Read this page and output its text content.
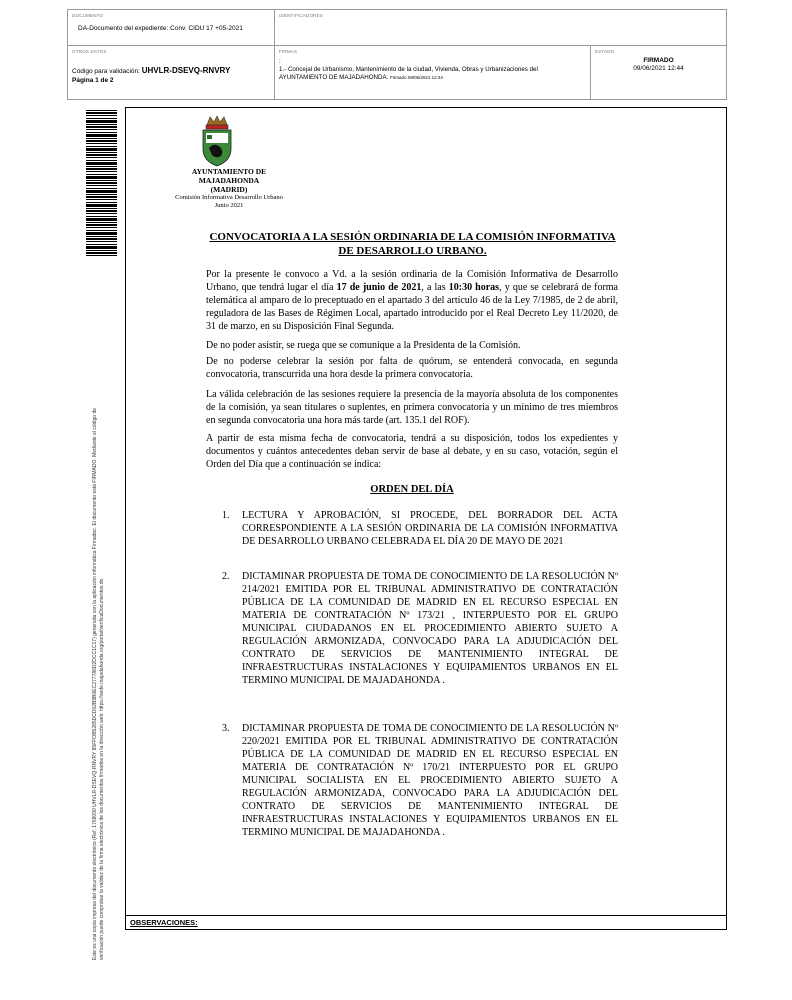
DOCUMENTO
DA-Documento del expediente: Conv. CIDU 17 +05-2021
IDENTIFICADORES
OTROS DATOS
Código para validación: UHVLR-DSEVQ-RNVRY
Página 1 de 2
FIRMAS
:
1.- Concejal de Urbanismo, Mantenimiento de la ciudad, Vivienda, Obras y Urbanizaciones del AYUNTAMIENTO DE MAJADAHONDA. Firmado 09/06/2021 12:44
ESTADO
FIRMADO
09/06/2021 12:44
Este es una copia impresa del documento electrónico (Ref: 1768090 UHVLR-DSEVQ-RNVRY 85FFOB5285DCD02B9B0EC277786D2DCC1C17) generada con la aplicación informática Firmadoc. El documento está FIRMADO. Mediante el código de verificación puede comprobar la validez de la firma electrónica de los documentos firmados en la dirección web: https://sede.majadahonda.org/portal/verificaDocumentos.do	OBSERVACIONES:
AYUNTAMIENTO DE
MAJADAHONDA
(MADRID)
Comisión Informativa Desarrollo Urbano
Junio 2021
CONVOCATORIA A LA SESIÓN ORDINARIA DE LA COMISIÓN INFORMATIVA DE DESARROLLO URBANO.
Por la presente le convoco a Vd. a la sesión ordinaria de la Comisión Informativa de Desarrollo Urbano, que tendrá lugar el día 17 de junio de 2021, a las 10:30 horas, y que se celebrará de forma telemática al amparo de lo preceptuado en el apartado 3 del artículo 46 de la Ley 7/1985, de 2 de abril, reguladora de las Bases de Régimen Local, apartado introducido por el Real Decreto Ley 11/2020, de 31 de marzo, en su Disposición Final Segunda.
De no poder asistir, se ruega que se comunique a la Presidenta de la Comisión.
De no poderse celebrar la sesión por falta de quórum, se entenderá convocada, en segunda convocatoria, transcurrida una hora desde la primera convocatoria.
La válida celebración de las sesiones requiere la presencia de la mayoría absoluta de los componentes de la comisión, ya sean titulares o suplentes, en primera convocatoria y un mínimo de tres miembros en segunda convocatoria una hora más tarde (art. 135.1 del ROF).
A partir de esta misma fecha de convocatoria, tendrá a su disposición, todos los expedientes y documentos y cuántos antecedentes deban servir de base al debate, y en su caso, votación, según el Orden del Día que a continuación se indica:
ORDEN DEL DÍA
1.	LECTURA Y APROBACIÓN, SI PROCEDE, DEL BORRADOR DEL ACTA CORRESPONDIENTE A LA SESIÓN ORDINARIA DE LA COMISIÓN INFORMATIVA DE DESARROLLO URBANO CELEBRADA EL DÍA 20 DE MAYO DE 2021
2.	DICTAMINAR PROPUESTA DE TOMA DE CONOCIMIENTO DE LA RESOLUCIÓN Nº 214/2021 EMITIDA POR EL TRIBUNAL ADMINISTRATIVO DE CONTRATACIÓN PÚBLICA DE LA COMUNIDAD DE MADRID EN EL RECURSO ESPECIAL EN MATERIA DE CONTRATACIÓN Nº 173/21 , INTERPUESTO POR EL GRUPO MUNICIPAL CIUDADANOS EN EL PROCEDIMIENTO ABIERTO SUJETO A REGULACIÓN ARMONIZADA, CONVOCADO PARA LA ADJUDICACIÓN DEL CONTRATO DE SERVICIOS DE MANTENIMIENTO INTEGRAL DE INFRAESTRUCTURAS INSTALACIONES Y EQUIPAMIENTOS URBANOS EN EL TERMINO MUNICIPAL DE MAJADAHONDA .
3.	DICTAMINAR PROPUESTA DE TOMA DE CONOCIMIENTO DE LA RESOLUCIÓN Nº 220/2021 EMITIDA POR EL TRIBUNAL ADMINISTRATIVO DE CONTRATACIÓN PÚBLICA DE LA COMUNIDAD DE MADRID EN EL RECURSO ESPECIAL EN MATERIA DE CONTRATACIÓN Nº 170/21 INTERPUESTO POR EL GRUPO MUNICIPAL SOCIALISTA EN EL PROCEDIMIENTO ABIERTO SUJETO A REGULACIÓN ARMONIZADA, CONVOCADO PARA LA ADJUDICACIÓN DEL CONTRATO DE SERVICIOS DE MANTENIMIENTO INTEGRAL DE INFRAESTRUCTURAS INSTALACIONES Y EQUIPAMIENTOS URBANOS EN EL TERMINO MUNICIPAL DE MAJADAHONDA .
